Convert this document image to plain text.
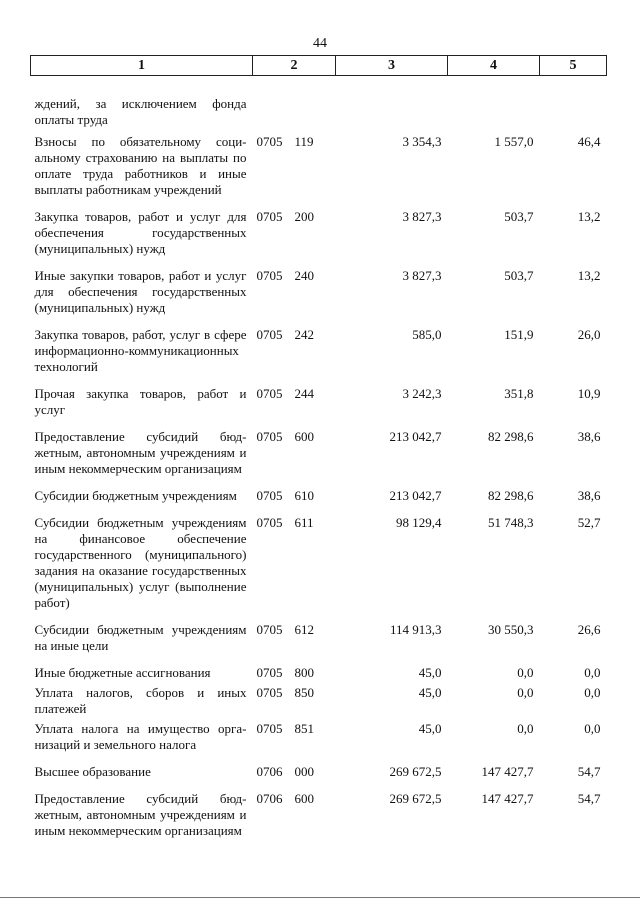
44
1	2	3	4	5
ждений, за исключением фонда оплаты труда				
Взносы по обязательному социальному страхованию на выплаты по оплате труда работников и иные выплаты работникам учреждений	0705 119	3 354,3	1 557,0	46,4
Закупка товаров, работ и услуг для обеспечения государственных (муниципальных) нужд	0705 200	3 827,3	503,7	13,2
Иные закупки товаров, работ и услуг для обеспечения государственных (муниципальных) нужд	0705 240	3 827,3	503,7	13,2
Закупка товаров, работ, услуг в сфере информационно-коммуникационных технологий	0705 242	585,0	151,9	26,0
Прочая закупка товаров, работ и услуг	0705 244	3 242,3	351,8	10,9
Предоставление субсидий бюджетным, автономным учреждениям и иным некоммерческим организациям	0705 600	213 042,7	82 298,6	38,6
Субсидии бюджетным учреждениям	0705 610	213 042,7	82 298,6	38,6
Субсидии бюджетным учреждениям на финансовое обеспечение государственного (муниципального) задания на оказание государственных (муниципальных) услуг (выполнение работ)	0705 611	98 129,4	51 748,3	52,7
Субсидии бюджетным учреждениям на иные цели	0705 612	114 913,3	30 550,3	26,6
Иные бюджетные ассигнования	0705 800	45,0	0,0	0,0
Уплата налогов, сборов и иных платежей	0705 850	45,0	0,0	0,0
Уплата налога на имущество организаций и земельного налога	0705 851	45,0	0,0	0,0
Высшее образование	0706 000	269 672,5	147 427,7	54,7
Предоставление субсидий бюджетным, автономным учреждениям и иным некоммерческим организациям	0706 600	269 672,5	147 427,7	54,7
